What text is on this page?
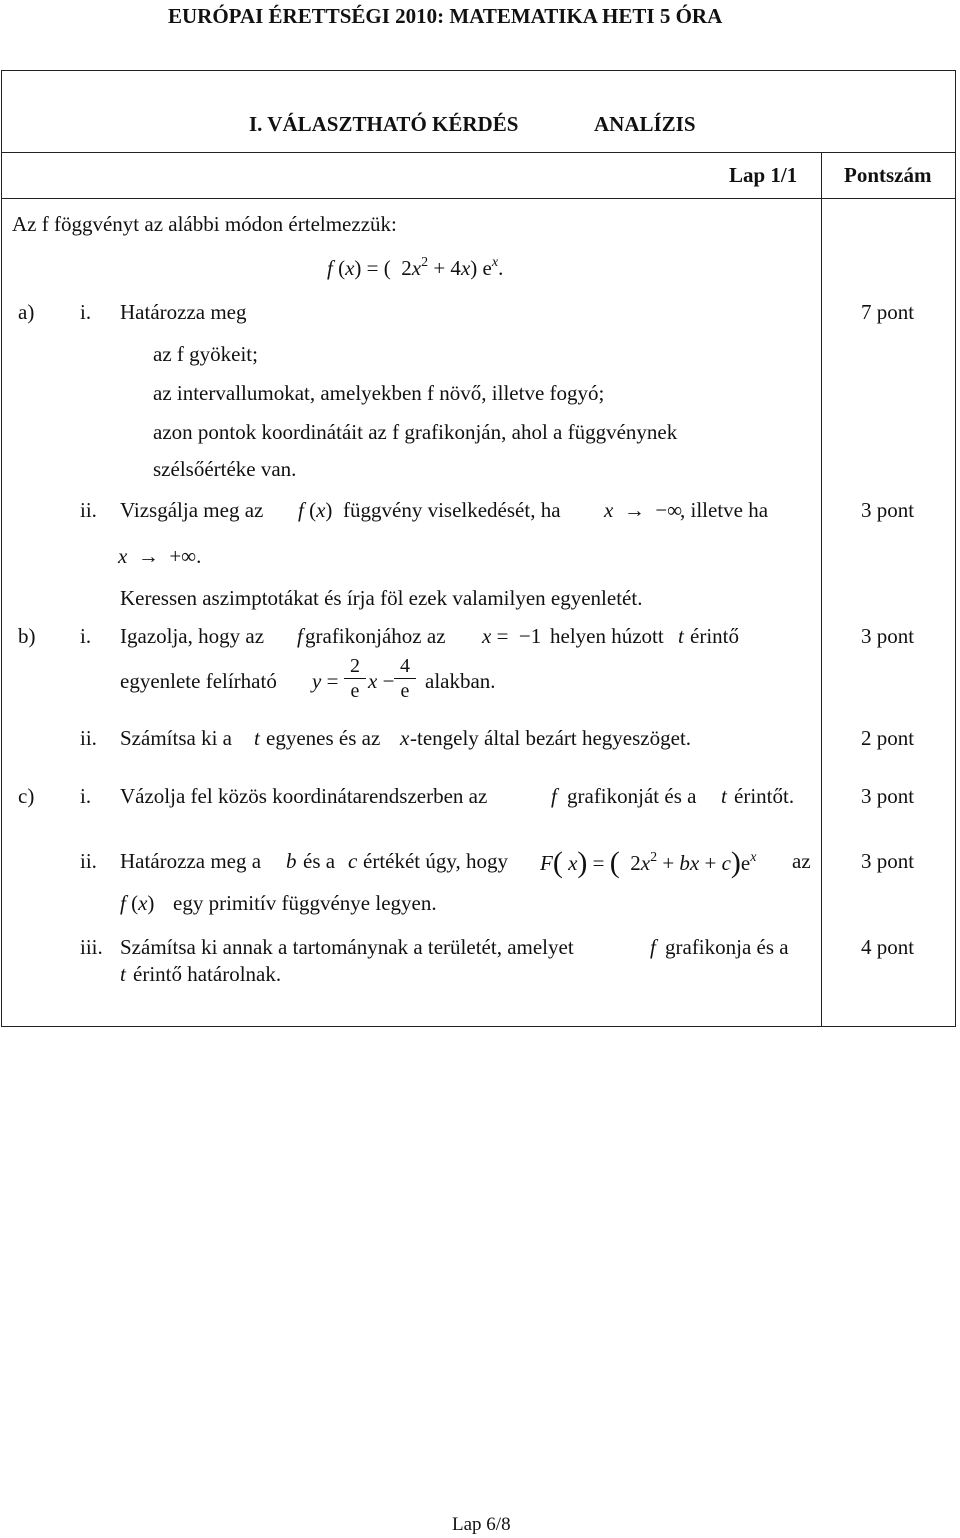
EURÓPAI ÉRETTSÉGI 2010: MATEMATIKA HETI 5 ÓRA
I. VÁLASZTHATÓ KÉRDÉS	ANALÍZIS
Lap 1/1 Pontszám
Az f föggvényt az alábbi módon értelmezzük:
f (x) = (  $2x^2 + 4x$) $e^x$.
a) i. Határozza meg
az f gyökeit;
az intervallumokat, amelyekben f növő, illetve fogyó;
azon pontok koordinátáit az f grafikonján, ahol a függvénynek
szélsőértéke van.
7 pont
ii. Vizsgálja meg az f (x) függvény viselkedését, ha x  →  −∞
, illetve ha
x  →  +∞.
Keressen aszimptotákat és írja föl ezek valamilyen egyenletét.
3 pont
b) i. Igazolja, hogy az f grafikonjához az x =  −1 helyen húzott t érintő
egyenlete felírható y =
2
e x −
4
e alakban.
3 pont
ii. Számítsa ki a t egyenes és az x -tengely által bezárt hegyeszöget.	2 pont
c) i. Vázolja fel közös koordinátarendszerben az	f grafikonját és a t érintőt.	3 pont
ii. Határozza meg a b és a c értékét úgy, hogy F( x) = (  $2x^2$ + bx + $c)e^x$ az
f (x) egy primitív függvénye legyen.
3 pont
iii. Számítsa ki annak a tartománynak a területét, amelyet	f grafikonja és a
t érintő határolnak.
4 pont
Lap 6/8
